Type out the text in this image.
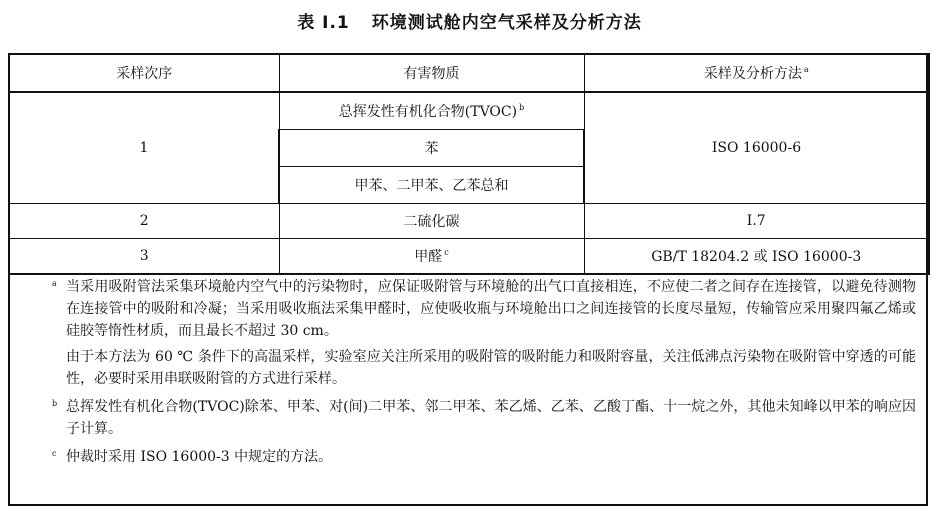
表 I.1 环境测试舱内空气采样及分析方法
采样次序	有害物质	采样及分析方法 $^a$
1	总挥发性有机化合物(TVOC) $^b$	ISO 16000-6
	苯	
	甲苯、二甲苯、乙苯总和	
2	二硫化碳	I.7
3	甲醛 $^c$	GB/T 18204.2 或 ISO 16000-3
a 当采用吸附管法采集环境舱内空气中的污染物时，应保证吸附管与环境舱的出气口直接相连，不应使二者之间存在连接管，以避免待测物在连接管中的吸附和冷凝；当采用吸收瓶法采集甲醛时，应使吸收瓶与环境舱出口之间连接管的长度尽量短，传输管应采用聚四氟乙烯或硅胶等惰性材质，而且最长不超过 30 cm。

由于本方法为 60 ℃ 条件下的高温采样，实验室应关注所采用的吸附管的吸附能力和吸附容量，关注低沸点污染物在吸附管中穿透的可能性，必要时采用串联吸附管的方式进行采样。

b 总挥发性有机化合物(TVOC)除苯、甲苯、对(间)二甲苯、邻二甲苯、苯乙烯、乙苯、乙酸丁酯、十一烷之外，其他未知峰以甲苯的响应因子计算。

c 仲裁时采用 ISO 16000-3 中规定的方法。
